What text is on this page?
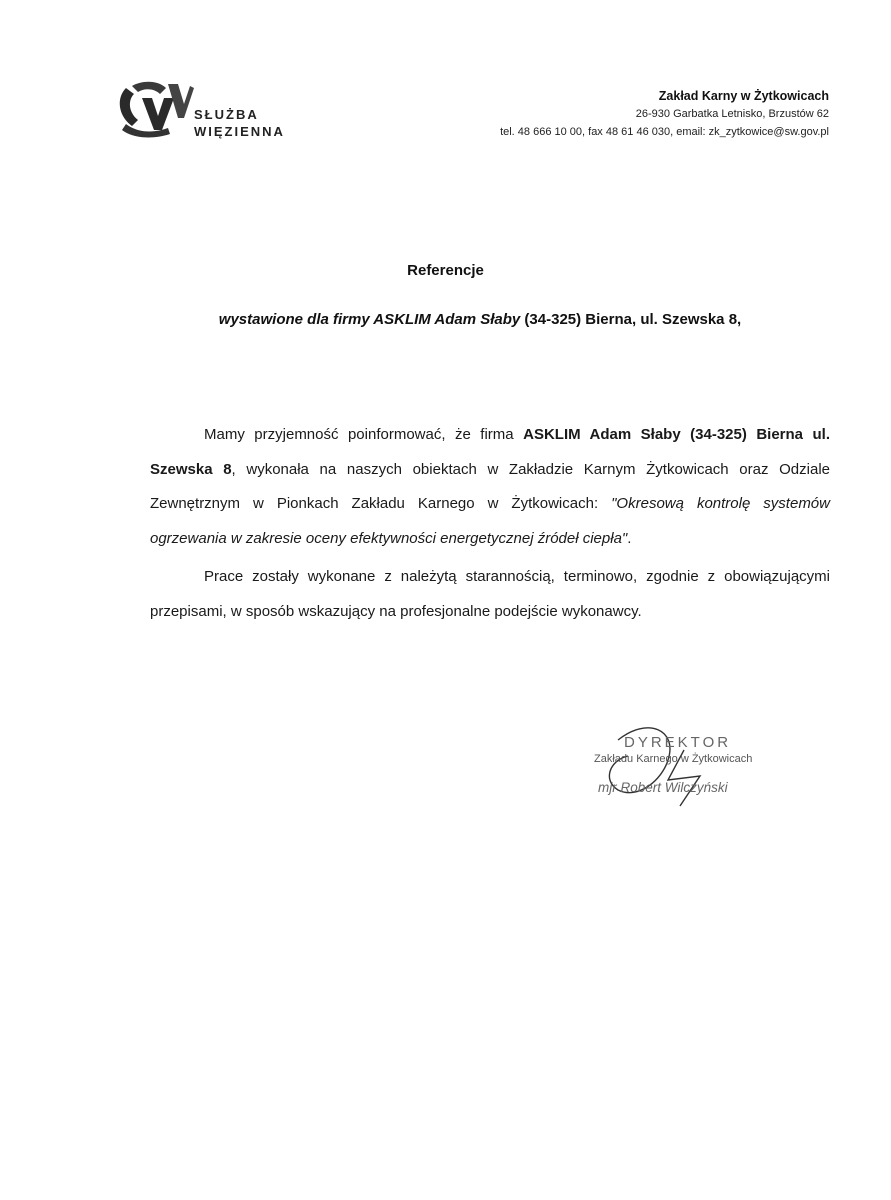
SŁUŻBA
WIĘZIENNA
Zakład Karny w Żytkowicach
26-930 Garbatka Letnisko, Brzustów 62
tel. 48 666 10 00, fax 48 61 46 030, email: zk_zytkowice@sw.gov.pl
Referencje
wystawione dla firmy ASKLIM Adam Słaby (34-325) Bierna, ul. Szewska 8,

Mamy przyjemność poinformować, że firma ASKLIM Adam Słaby (34-325) Bierna ul. Szewska 8, wykonała na naszych obiektach w Zakładzie Karnym Żytkowicach oraz Odziale Zewnętrznym w Pionkach Zakładu Karnego w Żytkowicach: "Okresową kontrolę systemów ogrzewania w zakresie oceny efektywności energetycznej źródeł ciepła".

Prace zostały wykonane z należytą starannością, terminowo, zgodnie z obowiązującymi przepisami, w sposób wskazujący na profesjonalne podejście wykonawcy.

DYREKTOR
Zakładu Karnego w Żytkowicach
mjr Robert Wilczyński
